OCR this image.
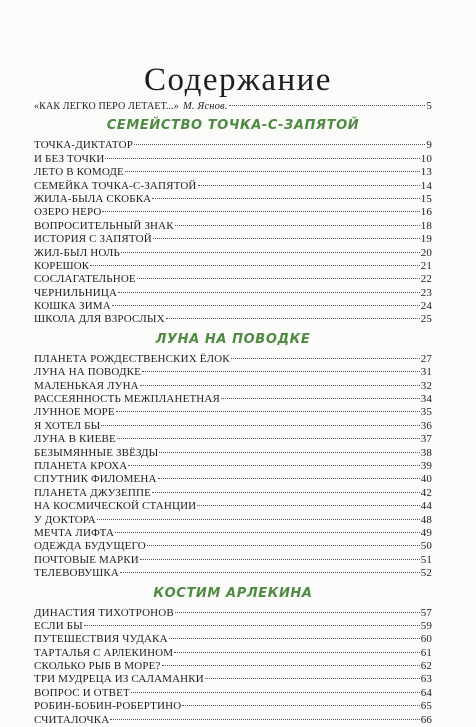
Содержание
«КАК ЛЕГКО ПЕРО ЛЕТАЕТ...» М. Яснов.	5
СЕМЕЙСТВО ТОЧКА-С-ЗАПЯТОЙ
ТОЧКА-ДИКТАТОР	9
И БЕЗ ТОЧКИ	10
ЛЕТО В КОМОДЕ	13
СЕМЕЙКА ТОЧКА-С-ЗАПЯТОЙ	14
ЖИЛА-БЫЛА СКОБКА	15
ОЗЕРО НЕРО	16
ВОПРОСИТЕЛЬНЫЙ ЗНАК	18
ИСТОРИЯ С ЗАПЯТОЙ	19
ЖИЛ-БЫЛ НОЛЬ	20
КОРЕШОК	21
СОСЛАГАТЕЛЬНОЕ	22
ЧЕРНИЛЬНИЦА	23
КОШКА ЗИМА	24
ШКОЛА ДЛЯ ВЗРОСЛЫХ	25
ЛУНА НА ПОВОДКЕ
ПЛАНЕТА РОЖДЕСТВЕНСКИХ ЁЛОК	27
ЛУНА НА ПОВОДКЕ	31
МАЛЕНЬКАЯ ЛУНА	32
РАССЕЯННОСТЬ МЕЖПЛАНЕТНАЯ	34
ЛУННОЕ МОРЕ	35
Я ХОТЕЛ БЫ	36
ЛУНА В КИЕВЕ	37
БЕЗЫМЯННЫЕ ЗВЁЗДЫ	38
ПЛАНЕТА КРОХА	39
СПУТНИК ФИЛОМЕНА	40
ПЛАНЕТА ДЖУЗЕППЕ	42
НА КОСМИЧЕСКОЙ СТАНЦИИ	44
У ДОКТОРА	48
МЕЧТА ЛИФТА	49
ОДЕЖДА БУДУЩЕГО	50
ПОЧТОВЫЕ МАРКИ	51
ТЕЛЕВОВУШКА	52
КОСТИМ АРЛЕКИНА
ДИНАСТИЯ ТИХОТРОНОВ	57
ЕСЛИ БЫ	59
ПУТЕШЕСТВИЯ ЧУДАКА	60
ТАРТАЛЬЯ С АРЛЕКИНОМ	61
СКОЛЬКО РЫБ В МОРЕ?	62
ТРИ МУДРЕЦА ИЗ САЛАМАНКИ	63
ВОПРОС И ОТВЕТ	64
РОБИН-БОБИН-РОБЕРТИНО	65
СЧИТАЛОЧКА	66
